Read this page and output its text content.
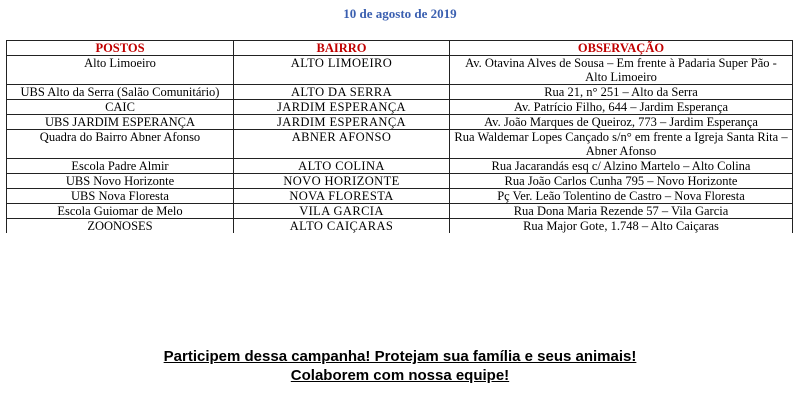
10 de agosto de 2019
POSTOS	BAIRRO	OBSERVAÇÃO
Alto Limoeiro	ALTO LIMOEIRO	Av. Otavina Alves de Sousa – Em frente à Padaria Super Pão - Alto Limoeiro
UBS Alto da Serra (Salão Comunitário)	ALTO DA SERRA	Rua 21, n° 251 – Alto da Serra
CAIC	JARDIM ESPERANÇA	Av. Patrício Filho, 644 – Jardim Esperança
UBS JARDIM ESPERANÇA	JARDIM ESPERANÇA	Av. João Marques de Queiroz, 773 – Jardim Esperança
Quadra do Bairro Abner Afonso	ABNER AFONSO	Rua Waldemar Lopes Cançado s/n° em frente a Igreja Santa Rita – Abner Afonso
Escola Padre Almir	ALTO COLINA	Rua Jacarandás esq c/ Alzino Martelo – Alto Colina
UBS Novo Horizonte	NOVO HORIZONTE	Rua João Carlos Cunha 795 – Novo Horizonte
UBS Nova Floresta	NOVA FLORESTA	Pç Ver. Leão Tolentino de Castro – Nova Floresta
Escola Guiomar de Melo	VILA GARCIA	Rua Dona Maria Rezende 57 – Vila Garcia
ZOONOSES	ALTO CAIÇARAS	Rua Major Gote, 1.748 – Alto Caiçaras
Participem dessa campanha! Protejam sua família e seus animais!
Colaborem com nossa equipe!
